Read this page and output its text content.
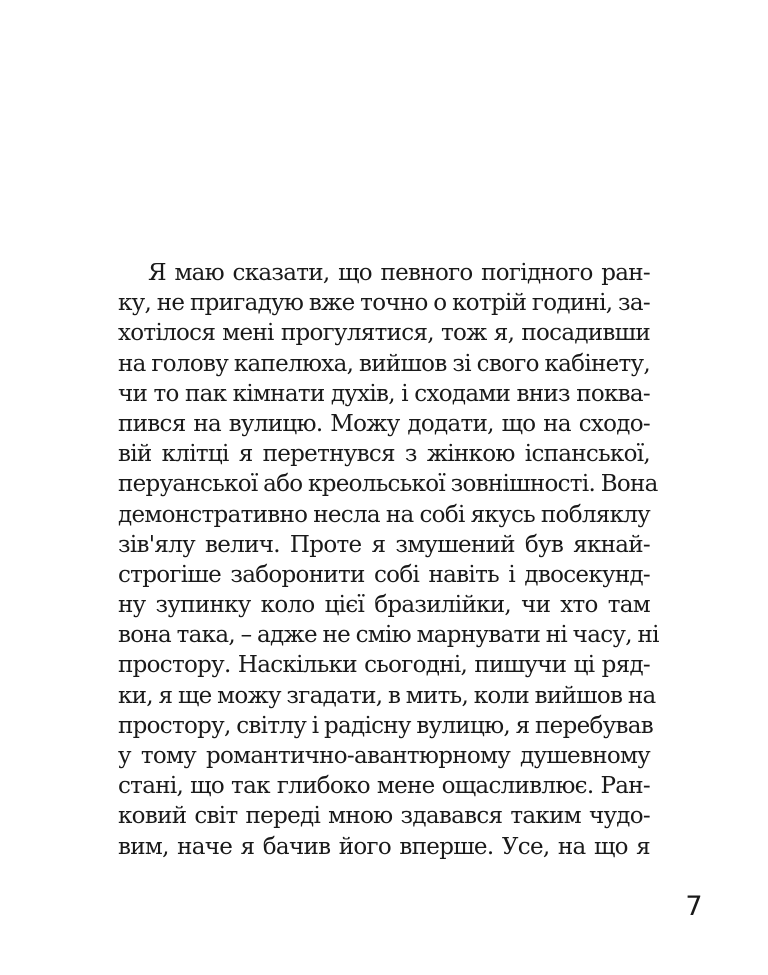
Я маю сказати, що певного погідного ран-
ку, не пригадую вже точно о котрій годині, за-
хотілося мені прогулятися, тож я, посадивши
на голову капелюха, вийшов зі свого кабінету,
чи то пак кімнати духів, і сходами вниз поква-
пився на вулицю. Можу додати, що на сходо-
вій клітці я перетнувся з жінкою іспанської,
перуанської або креольської зовнішності. Вона
демонстративно несла на собі якусь побляклу
зів'ялу велич. Проте я змушений був якнай-
строгіше заборонити собі навіть і двосекунд-
ну зупинку коло цієї бразилійки, чи хто там
вона така, – адже не смію марнувати ні часу, ні
простору. Наскільки сьогодні, пишучи ці ряд-
ки, я ще можу згадати, в мить, коли вийшов на
простору, світлу і радісну вулицю, я перебував
у тому романтично-авантюрному душевному
стані, що так глибоко мене ощасливлює. Ран-
ковий світ переді мною здавався таким чудо-
вим, наче я бачив його вперше. Усе, на що я
7
